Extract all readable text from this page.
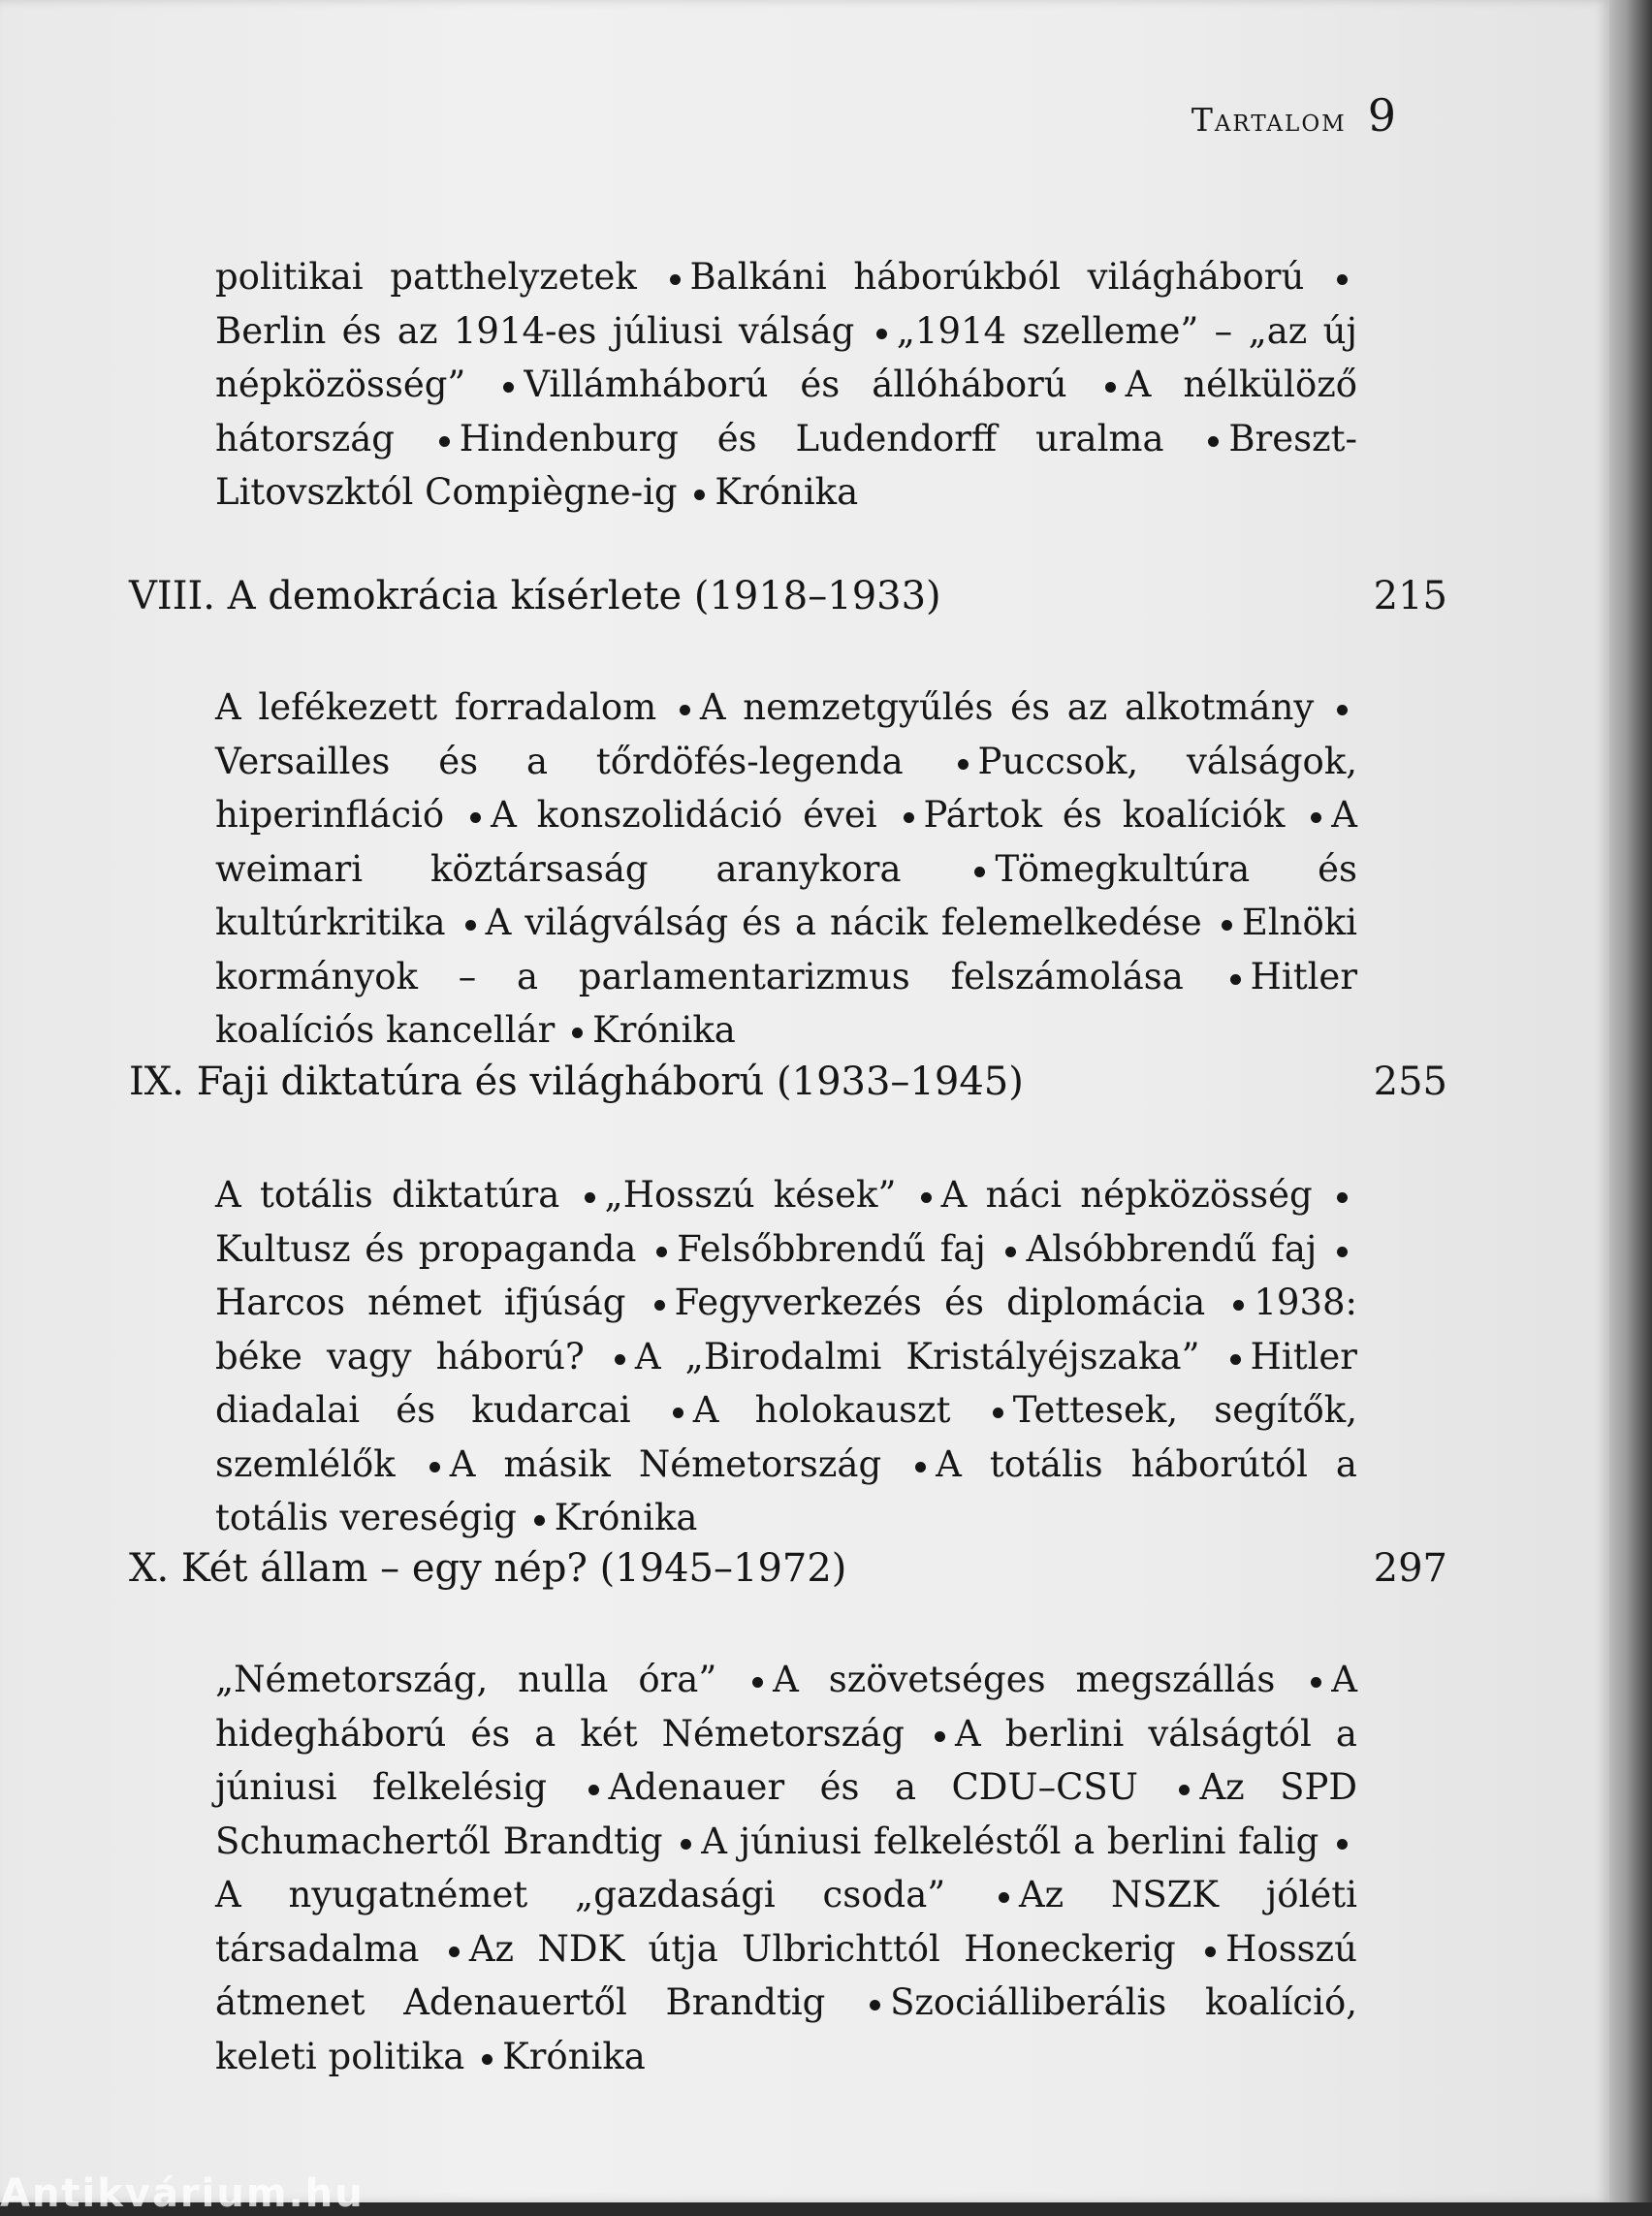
Tartalom 9
politikai patthelyzetek Balkáni háborúkból világháború Berlin és az 1914-es júliusi válság „1914 szelleme” – „az új népközösség” Villámháború és állóháború A nélkülöző hátország Hindenburg és Ludendorff uralma Breszt-Litovszktól Compiègne-ig Krónika
VIII. A demokrácia kísérlete (1918–1933)	215
A lefékezett forradalom A nemzetgyűlés és az alkotmány Versailles és a tőrdöfés-legenda Puccsok, válságok, hiperinfláció A konszolidáció évei Pártok és koalíciók A weimari köztársaság aranykora	Tömegkultúra és kultúrkritika A világválság és a nácik felemelkedése Elnöki kormányok – a parlamentarizmus felszámolása Hitler koalíciós kancellár Krónika
IX. Faji diktatúra és világháború (1933–1945)	255
A totális diktatúra „Hosszú kések” A náci népközösség Kultusz és propaganda Felsőbbrendű faj Alsóbbrendű faj Harcos német ifjúság Fegyverkezés és diplomácia 1938: béke vagy háború? A „Birodalmi Kristályéjszaka” Hitler diadalai és kudarcai A holokauszt Tettesek, segítők, szemlélők A másik Németország A totális háborútól a totális vereségig Krónika
X. Két állam – egy nép? (1945–1972)	297
„Németország, nulla óra” A szövetséges megszállás A hidegháború és a két Németország A berlini válságtól a júniusi felkelésig Adenauer és a CDU–CSU Az SPD Schumachertől Brandtig A júniusi felkeléstől a berlini falig A nyugatnémet „gazdasági csoda” Az NSZK jóléti társadalma Az NDK útja Ulbrichttól Honeckerig Hosszú átmenet Adenauertől Brandtig Szociálliberális koalíció, keleti politika Krónika
Antikvárium.hu
